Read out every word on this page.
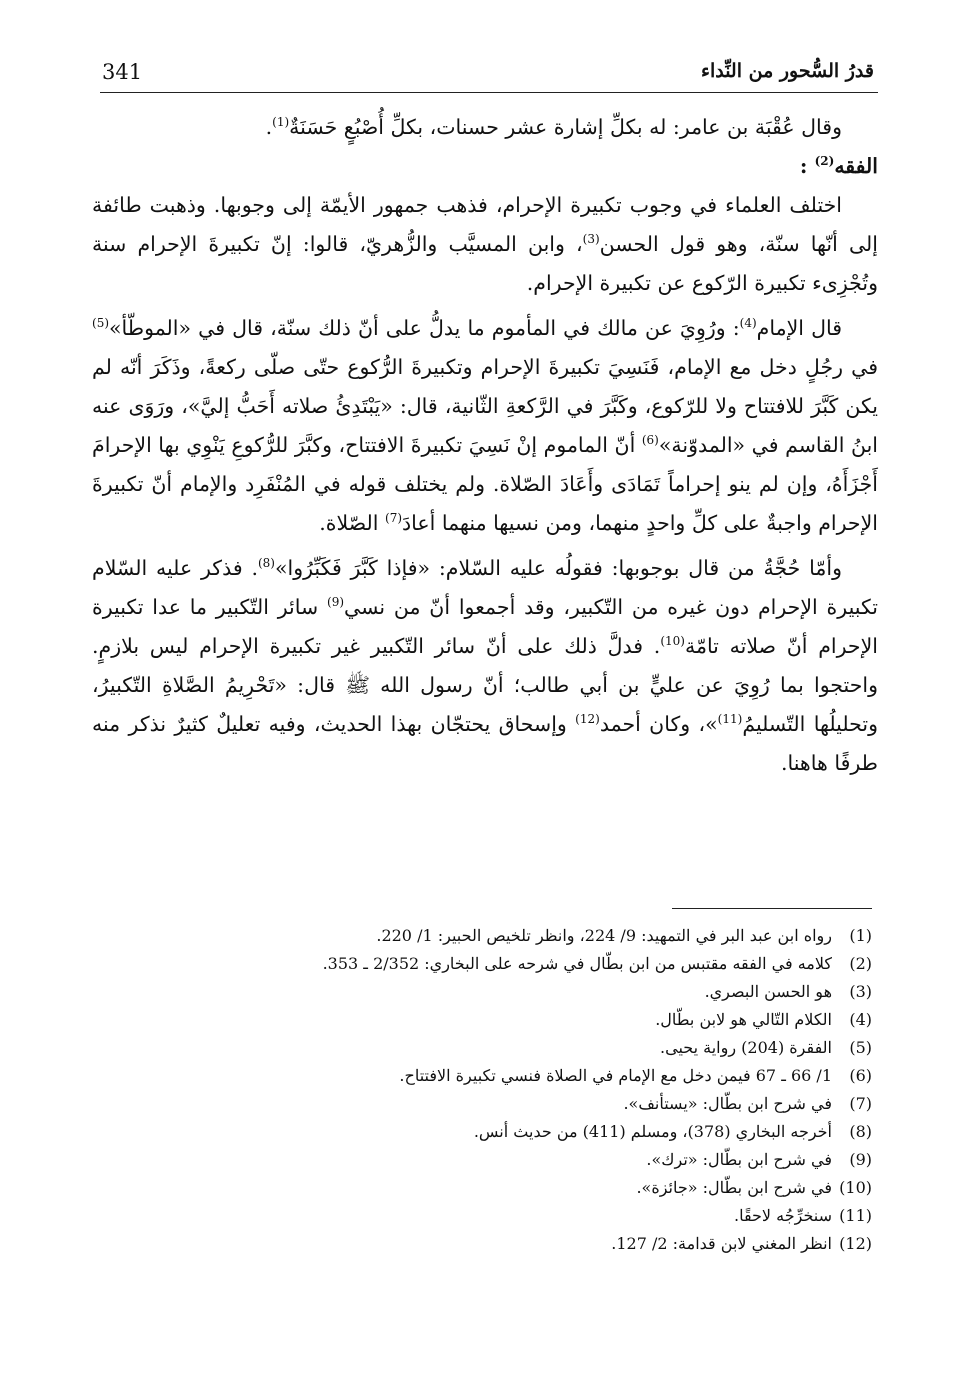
341	قدرُ السُّحور من النِّداء

وقال عُقْبَة بن عامر: له بكلِّ إشارة عشر حسنات، بكلِّ أُصْبُعٍ حَسَنَةٌ$^{(1)}$.

الفقه$^{(2)}$ :

اختلف العلماء في وجوب تكبيرة الإحرام، فذهب جمهور الأيمّة إلى وجوبها. وذهبت طائفة إلى أنّها سنّة، وهو قول الحسن$^{(3)}$، وابن المسيَّب والزُّهريّ، قالوا: إنّ تكبيرةَ الإحرام سنة وتُجْزِىء تكبيرة الرّكوع عن تكبيرة الإحرام.

قال الإمام$^{(4)}$: ورُوِيَ عن مالك في المأموم ما يدلُّ على أنّ ذلك سنّة، قال في «الموطّأ»$^{(5)}$ في رجُلٍ دخل مع الإمام، فَنَسِيَ تكبيرةَ الإحرام وتكبيرةَ الرُّكوع حتّى صلّى ركعةً، وذَكَرَ أنّه لم يكن كَبَّرَ للافتتاح ولا للرّكوع، وكَبَّرَ في الرَّكعةِ الثّانية، قال: «يَبْتَدِئُ صلاته أَحَبُّ إليَّ»، ورَوَى عنه ابنُ القاسم في «المدوّنة»$^{(6)}$ أنّ الماموم إنْ نَسِيَ تكبيرةَ الافتتاح، وكبَّرَ للرُّكوعِ يَنْوِي بها الإحرامَ أَجْزَأَهُ، وإن لم ينو إحراماً تَمَادَى وأَعَادَ الصّلاة. ولم يختلف قوله في المُنْفَرِد والإمام أنّ تكبيرةَ الإحرام واجبةٌ على كلِّ واحدٍ منهما، ومن نسيها منهما أعادَ$^{(7)}$ الصّلاة.

وأمّا حُجَّةُ من قال بوجوبها: فقولُه عليه السّلام: «فإذا كَبَّرَ فَكَبِّرُوا»$^{(8)}$. فذكر عليه السّلام تكبيرة الإحرام دون غيره من التّكبير، وقد أجمعوا أنّ من نسي$^{(9)}$ سائر التّكبير ما عدا تكبيرة الإحرام أنّ صلاته تامّة$^{(10)}$. فدلَّ ذلك على أنّ سائر التّكبير غير تكبيرة الإحرام ليس بلازمٍ. واحتجوا بما رُوِيَ عن عليٍّ بن أبي طالب؛ أنّ رسول الله ﷺ قال: «تَحْرِيمُ الصَّلاةِ التّكبيرُ، وتحليلُها التّسليمُ$^{(11)}$»، وكان أحمد$^{(12)}$ وإسحاق يحتجّان بهذا الحديث، وفيه تعليلٌ كثيرٌ نذكر منه طرفًا هاهنا.

(1)
رواه ابن عبد البر في التمهيد: 9/ 224، وانظر تلخيص الحبير: 1/ 220.
(2)
كلامه في الفقه مقتبس من ابن بطّال في شرحه على البخاري: 2/352 ـ 353.
(3)
هو الحسن البصري.
(4)
الكلام التّالي هو لابن بطّال.
(5)
الفقرة (204) رواية يحيى.
(6)
1/ 66 ـ 67 فيمن دخل مع الإمام في الصلاة فنسي تكبيرة الافتتاح.
(7)
في شرح ابن بطّال: «يستأنف».
(8)
أخرجه البخاري (378)، ومسلم (411) من حديث أنس.
(9)
في شرح ابن بطّال: «ترك».
(10)
في شرح ابن بطّال: «جائزة».
(11)
سنخرِّجُه لاحقًا.
(12)
انظر المغني لابن قدامة: 2/ 127.
